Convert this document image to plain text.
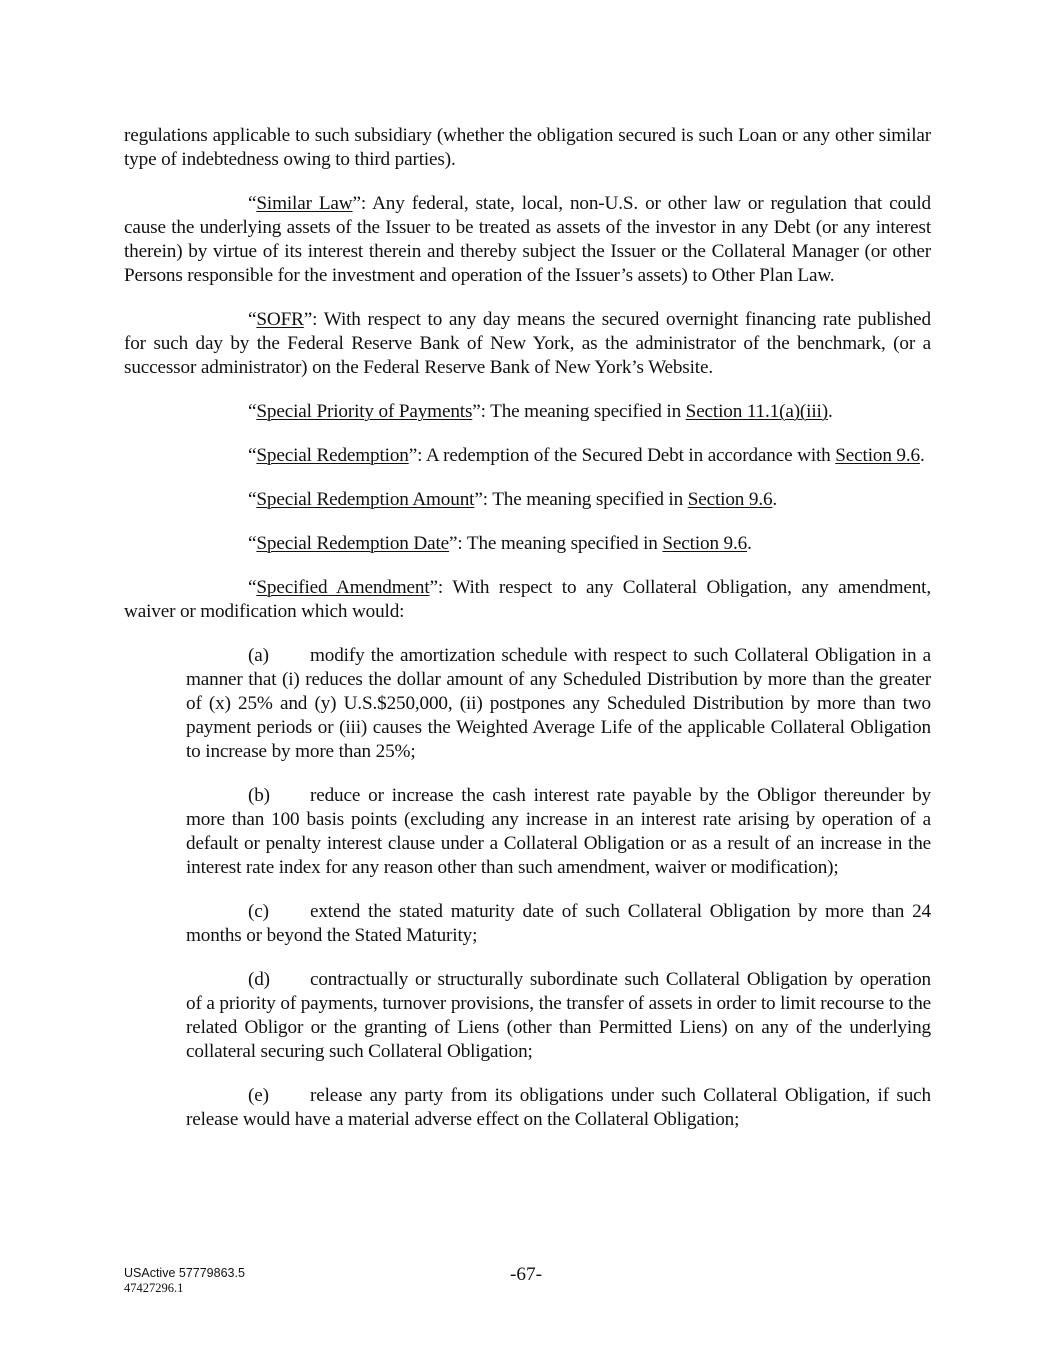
regulations applicable to such subsidiary (whether the obligation secured is such Loan or any other similar type of indebtedness owing to third parties).

“Similar Law”: Any federal, state, local, non-U.S. or other law or regulation that could cause the underlying assets of the Issuer to be treated as assets of the investor in any Debt (or any interest therein) by virtue of its interest therein and thereby subject the Issuer or the Collateral Manager (or other Persons responsible for the investment and operation of the Issuer’s assets) to Other Plan Law.

“SOFR”: With respect to any day means the secured overnight financing rate published for such day by the Federal Reserve Bank of New York, as the administrator of the benchmark, (or a successor administrator) on the Federal Reserve Bank of New York’s Website.

“Special Priority of Payments”: The meaning specified in Section 11.1(a)(iii).

“Special Redemption”: A redemption of the Secured Debt in accordance with Section 9.6.

“Special Redemption Amount”: The meaning specified in Section 9.6.

“Special Redemption Date”: The meaning specified in Section 9.6.

“Specified Amendment”: With respect to any Collateral Obligation, any amendment, waiver or modification which would:

(a) modify the amortization schedule with respect to such Collateral Obligation in a manner that (i) reduces the dollar amount of any Scheduled Distribution by more than the greater of (x) 25% and (y) U.S.$250,000, (ii) postpones any Scheduled Distribution by more than two payment periods or (iii) causes the Weighted Average Life of the applicable Collateral Obligation to increase by more than 25%;

(b) reduce or increase the cash interest rate payable by the Obligor thereunder by more than 100 basis points (excluding any increase in an interest rate arising by operation of a default or penalty interest clause under a Collateral Obligation or as a result of an increase in the interest rate index for any reason other than such amendment, waiver or modification);

(c) extend the stated maturity date of such Collateral Obligation by more than 24 months or beyond the Stated Maturity;

(d) contractually or structurally subordinate such Collateral Obligation by operation of a priority of payments, turnover provisions, the transfer of assets in order to limit recourse to the related Obligor or the granting of Liens (other than Permitted Liens) on any of the underlying collateral securing such Collateral Obligation;

(e) release any party from its obligations under such Collateral Obligation, if such release would have a material adverse effect on the Collateral Obligation;

USActive 57779863.5
47427296.1
-67-
